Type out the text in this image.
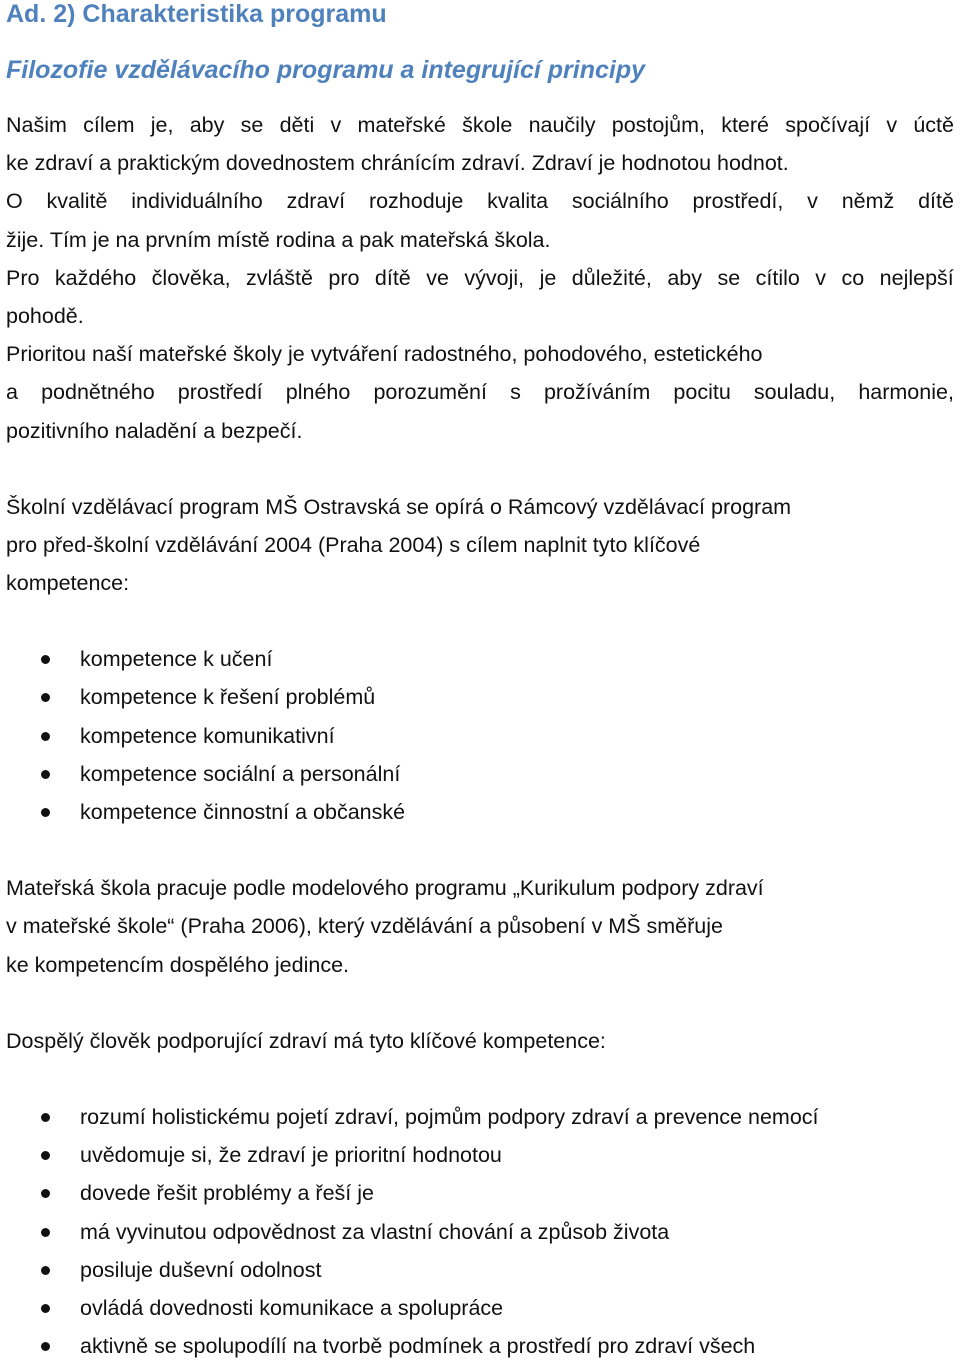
Ad. 2) Charakteristika programu
Filozofie vzdělávacího programu a integrující principy
Našim cílem je, aby se děti v mateřské škole naučily postojům, které spočívají v úctě
ke zdraví a praktickým dovednostem chránícím zdraví. Zdraví je hodnotou hodnot.
O kvalitě individuálního zdraví rozhoduje kvalita sociálního prostředí, v němž dítě
žije. Tím je na prvním místě rodina a pak mateřská škola.
Pro každého člověka, zvláště pro dítě ve vývoji, je důležité, aby se cítilo v co nejlepší
pohodě.
Prioritou naší mateřské školy je vytváření radostného, pohodového, estetického
a podnětného prostředí plného porozumění s prožíváním pocitu souladu, harmonie,
pozitivního naladění a bezpečí.
Školní vzdělávací program MŠ Ostravská se opírá o Rámcový vzdělávací program
pro před-školní vzdělávání 2004 (Praha 2004) s cílem naplnit tyto klíčové
kompetence:
kompetence k učení
kompetence k řešení problémů
kompetence komunikativní
kompetence sociální a personální
kompetence činnostní a občanské
Mateřská škola pracuje podle modelového programu „Kurikulum podpory zdraví
v mateřské škole“ (Praha 2006), který vzdělávání a působení v MŠ směřuje
ke kompetencím dospělého jedince.
Dospělý člověk podporující zdraví má tyto klíčové kompetence:
rozumí holistickému pojetí zdraví, pojmům podpory zdraví a prevence nemocí
uvědomuje si, že zdraví je prioritní hodnotou
dovede řešit problémy a řeší je
má vyvinutou odpovědnost za vlastní chování a způsob života
posiluje duševní odolnost
ovládá dovednosti komunikace a spolupráce
aktivně se spolupodílí na tvorbě podmínek a prostředí pro zdraví všech
